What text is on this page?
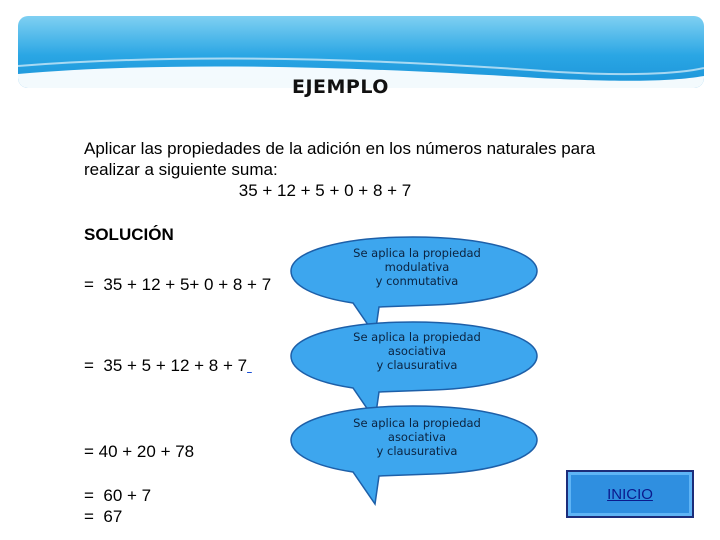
EJEMPLO
Aplicar las propiedades de la adición en los números naturales para
realizar a siguiente suma:
35 + 12 + 5 + 0 + 8 + 7
SOLUCIÓN
=  35 + 12 + 5+ 0 + 8 + 7
=  35 + 5 + 12 + 8 + 7
= 40 + 20 + 78
=  60 + 7
=  67
Se aplica la propiedad modulativa
y conmutativa
Se aplica la propiedad asociativa
y clausurativa
Se aplica la propiedad asociativa
y clausurativa
INICIO
